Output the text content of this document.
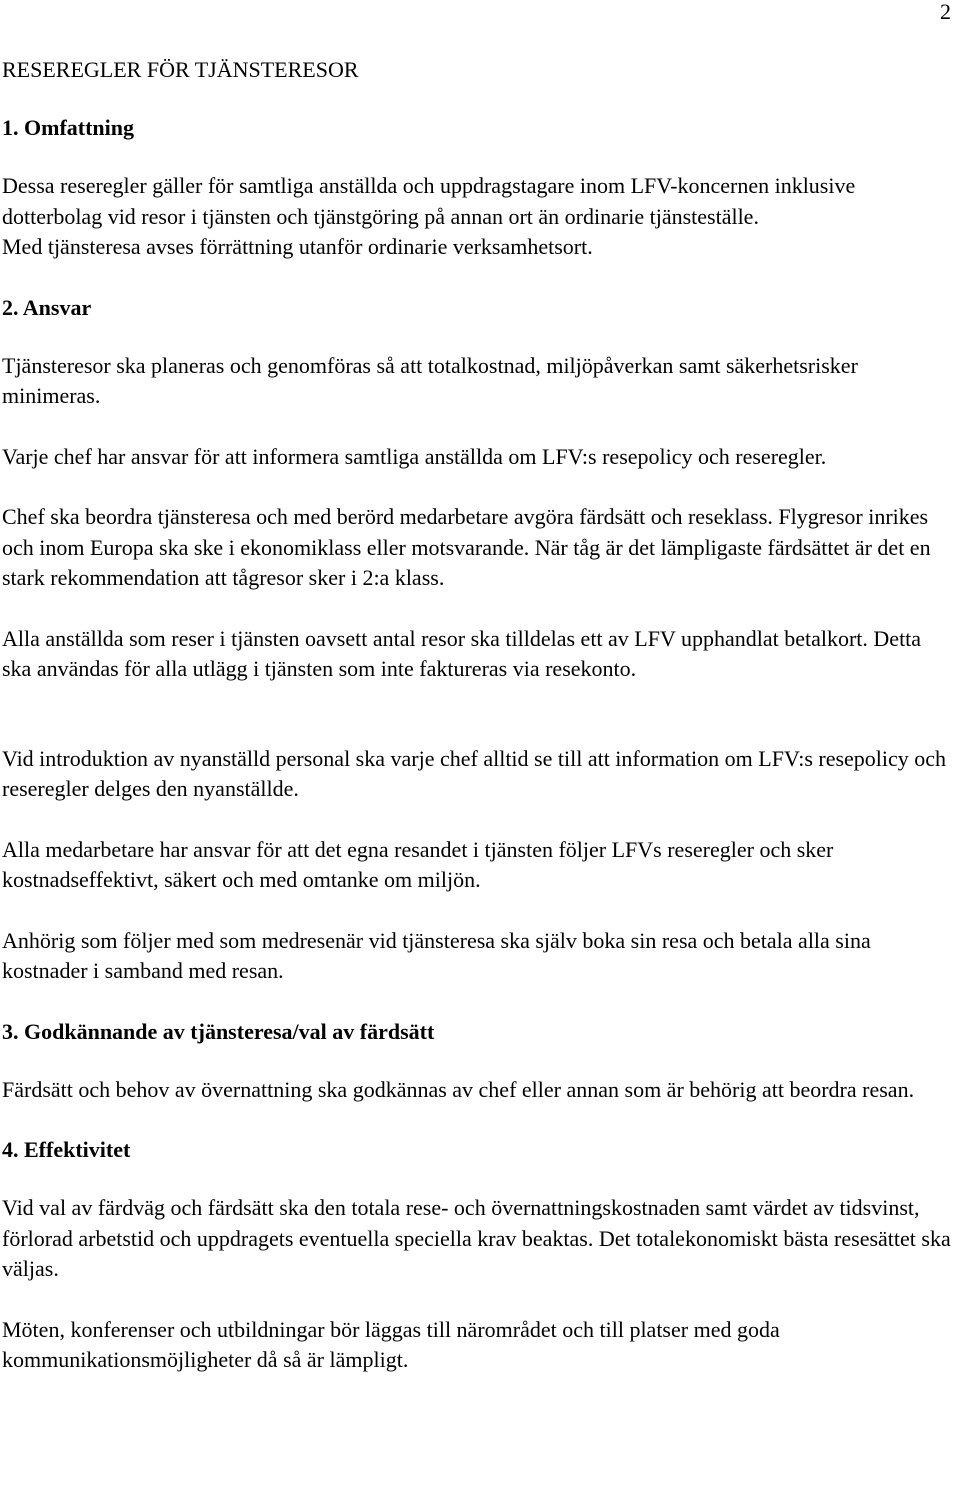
2
RESEREGLER FÖR TJÄNSTERESOR
1. Omfattning

Dessa reseregler gäller för samtliga anställda och uppdragstagare inom LFV-koncernen inklusive dotterbolag vid resor i tjänsten och tjänstgöring på annan ort än ordinarie tjänsteställe.

Med tjänsteresa avses förrättning utanför ordinarie verksamhetsort.

2. Ansvar

Tjänsteresor ska planeras och genomföras så att totalkostnad, miljöpåverkan samt säkerhetsrisker minimeras.

Varje chef har ansvar för att informera samtliga anställda om LFV:s resepolicy och reseregler.

Chef ska beordra tjänsteresa och med berörd medarbetare avgöra färdsätt och reseklass. Flygresor inrikes och inom Europa ska ske i ekonomiklass eller motsvarande. När tåg är det lämpligaste färdsättet är det en stark rekommendation att tågresor sker i 2:a klass.

Alla anställda som reser i tjänsten oavsett antal resor ska tilldelas ett av LFV upphandlat betalkort. Detta ska användas för alla utlägg i tjänsten som inte faktureras via resekonto.

Vid introduktion av nyanställd personal ska varje chef alltid se till att information om LFV:s resepolicy och reseregler delges den nyanställde.

Alla medarbetare har ansvar för att det egna resandet i tjänsten följer LFVs reseregler och sker kostnadseffektivt, säkert och med omtanke om miljön.

Anhörig som följer med som medresenär vid tjänsteresa ska själv boka sin resa och betala alla sina kostnader i samband med resan.

3. Godkännande av tjänsteresa/val av färdsätt

Färdsätt och behov av övernattning ska godkännas av chef eller annan som är behörig att beordra resan.

4. Effektivitet

Vid val av färdväg och färdsätt ska den totala rese- och övernattningskostnaden samt värdet av tidsvinst, förlorad arbetstid och uppdragets eventuella speciella krav beaktas. Det totalekonomiskt bästa resesättet ska väljas.

Möten, konferenser och utbildningar bör läggas till närområdet och till platser med goda kommunikationsmöjligheter då så är lämpligt.
